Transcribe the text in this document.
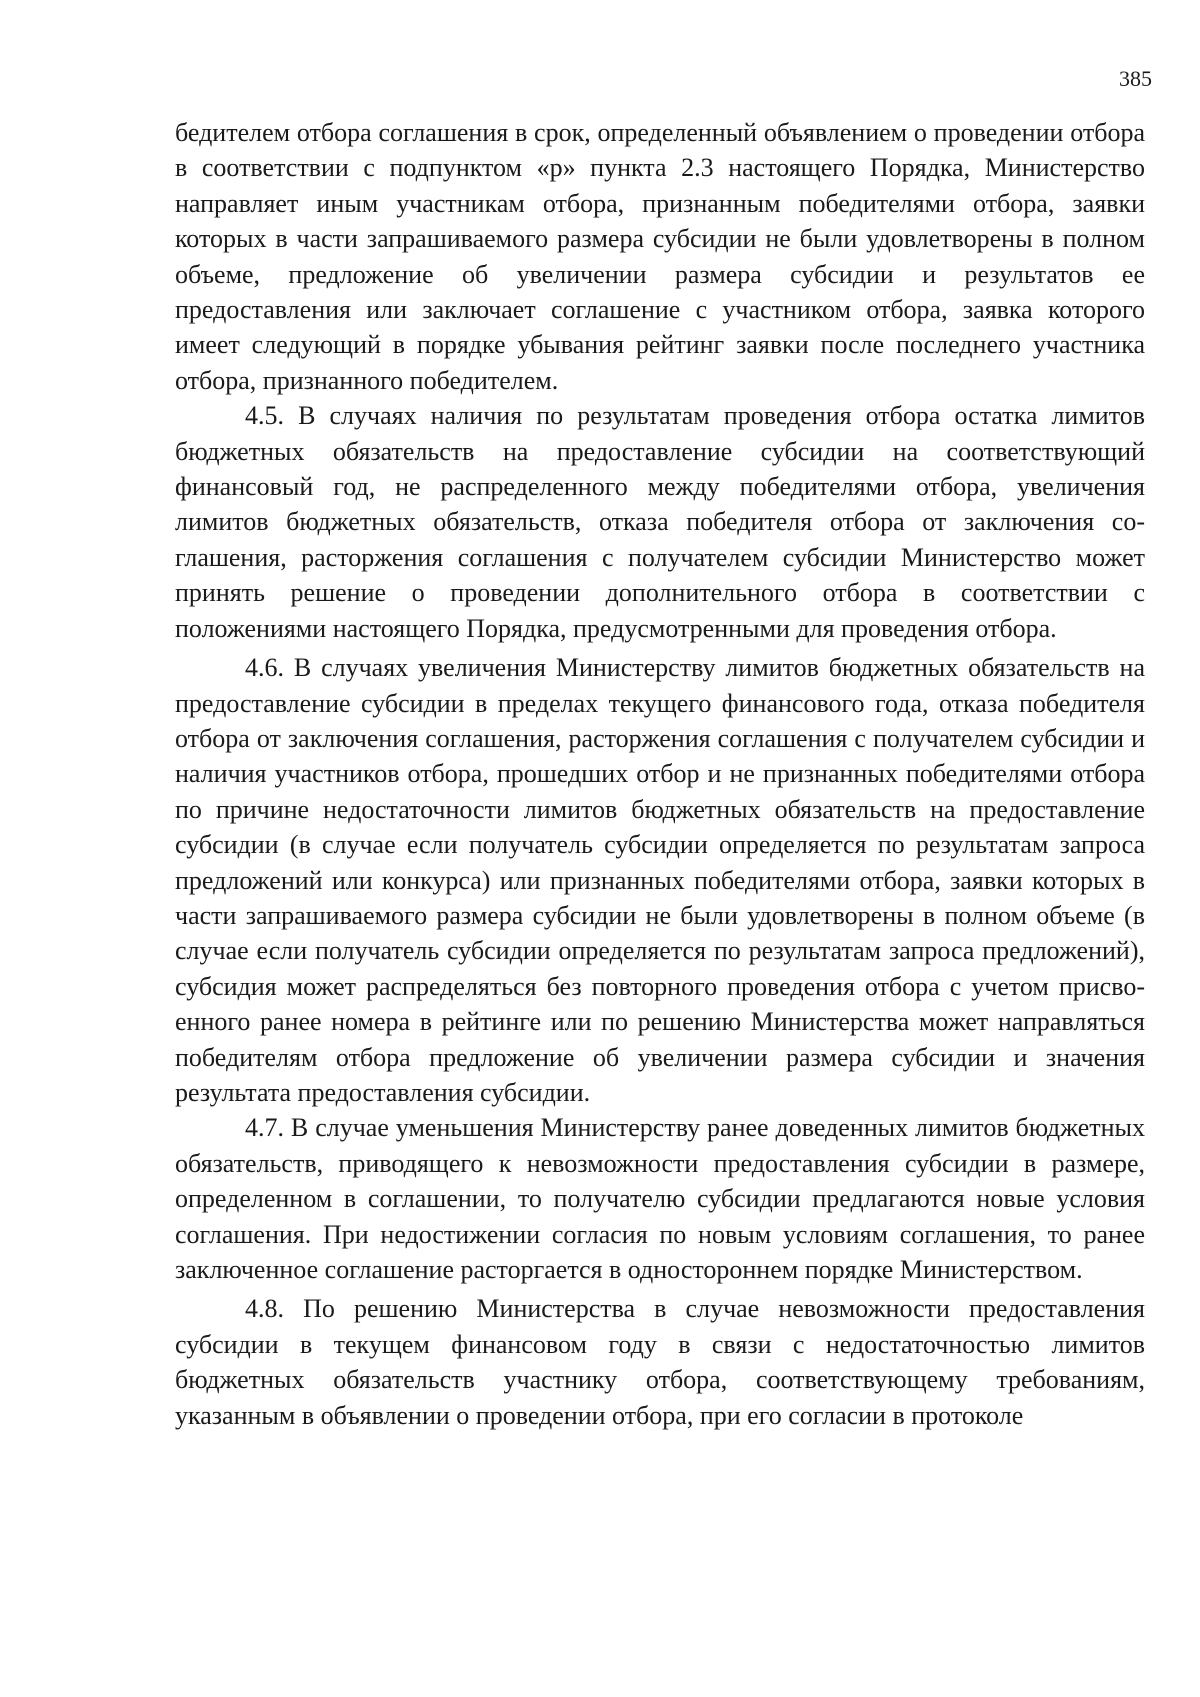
385

бедителем отбора соглашения в срок, определенный объявлением о проведении отбора в соответствии с подпунктом «р» пункта 2.3 настоящего Порядка, Министерство направляет иным участникам отбора, признанным победителями отбора, заявки которых в части запрашиваемого размера субсидии не были удовлетворены в полном объеме, предложение об увеличении размера субсидии и результатов ее предоставления или заключает соглашение с участником отбора, заявка которого имеет следующий в порядке убывания рейтинг заявки после последнего участника отбора, признанного победителем.

4.5. В случаях наличия по результатам проведения отбора остатка лимитов бюджетных обязательств на предоставление субсидии на соответствующий финансовый год, не распределенного между победителями отбора, увеличения лимитов бюджетных обязательств, отказа победителя отбора от заключения соглашения, расторжения соглашения с получателем субсидии Министерство может принять решение о проведении дополнительного отбора в соответствии с положениями настоящего Порядка, предусмотренными для проведения отбора.

4.6. В случаях увеличения Министерству лимитов бюджетных обязательств на предоставление субсидии в пределах текущего финансового года, отказа победителя отбора от заключения соглашения, расторжения соглашения с получателем субсидии и наличия участников отбора, прошедших отбор и не признанных победителями отбора по причине недостаточности лимитов бюджетных обязательств на предоставление субсидии (в случае если получатель субсидии определяется по результатам запроса предложений или конкурса) или признанных победителями отбора, заявки которых в части запрашиваемого размера субсидии не были удовлетворены в полном объеме (в случае если получатель субсидии определяется по результатам запроса предложений), субсидия может распределяться без повторного проведения отбора с учетом присвоенного ранее номера в рейтинге или по решению Министерства может направляться победителям отбора предложение об увеличении размера субсидии и значения результата предоставления субсидии.

4.7. В случае уменьшения Министерству ранее доведенных лимитов бюджетных обязательств, приводящего к невозможности предоставления субсидии в размере, определенном в соглашении, то получателю субсидии предлагаются новые условия соглашения. При недостижении согласия по новым условиям соглашения, то ранее заключенное соглашение расторгается в одностороннем порядке Министерством.

4.8. По решению Министерства в случае невозможности предоставления субсидии в текущем финансовом году в связи с недостаточностью лимитов бюджетных обязательств участнику отбора, соответствующему требованиям, указанным в объявлении о проведении отбора, при его согласии в протоколе
